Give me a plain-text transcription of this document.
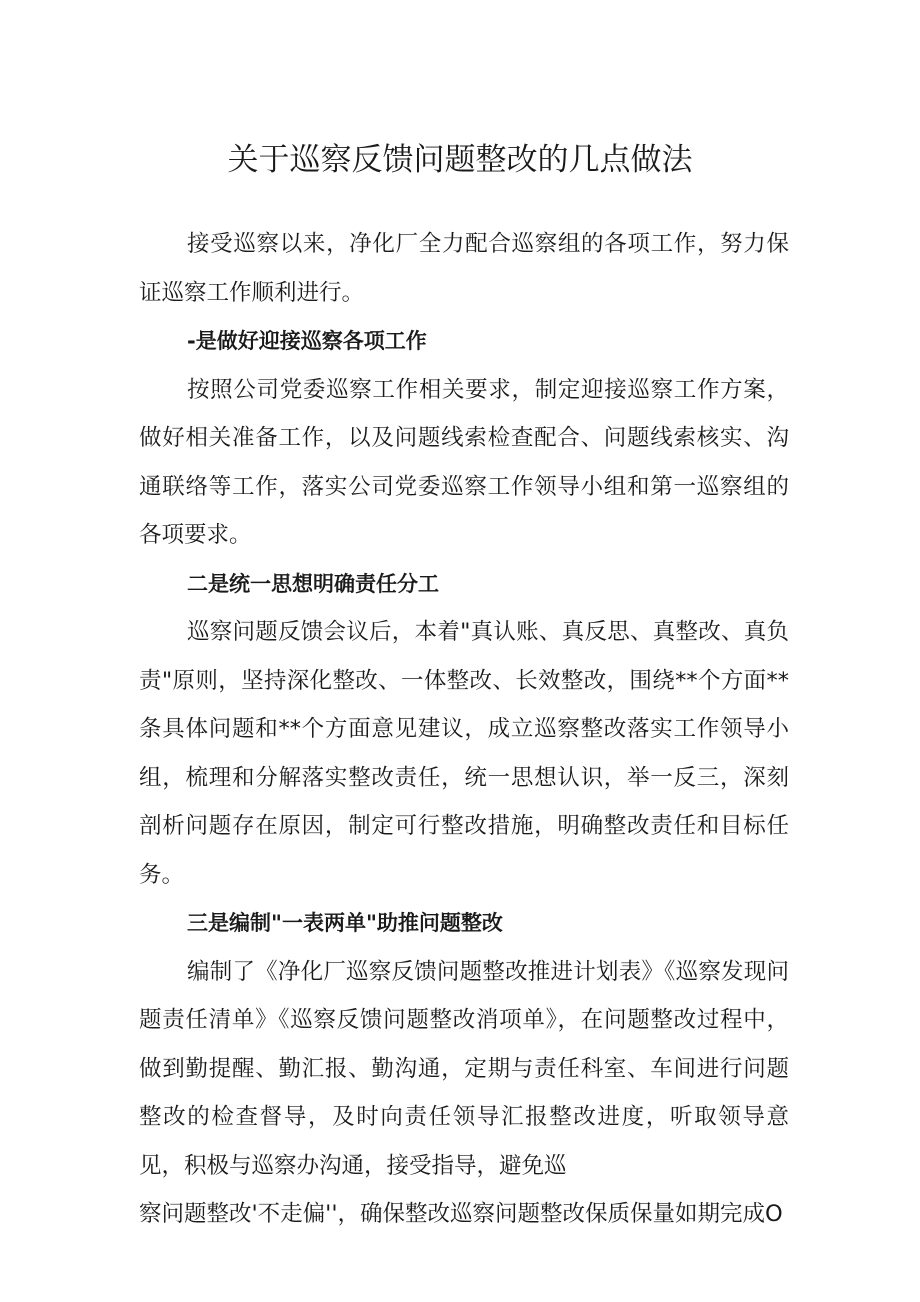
关于巡察反馈问题整改的几点做法

接受巡察以来，净化厂全力配合巡察组的各项工作，努力保证巡察工作顺利进行。

-是做好迎接巡察各项工作

按照公司党委巡察工作相关要求，制定迎接巡察工作方案，做好相关准备工作，以及问题线索检查配合、问题线索核实、沟通联络等工作，落实公司党委巡察工作领导小组和第一巡察组的各项要求。

二是统一思想明确责任分工

巡察问题反馈会议后，本着"真认账、真反思、真整改、真负责"原则，坚持深化整改、一体整改、长效整改，围绕**个方面**条具体问题和**个方面意见建议，成立巡察整改落实工作领导小组，梳理和分解落实整改责任，统一思想认识，举一反三，深刻剖析问题存在原因，制定可行整改措施，明确整改责任和目标任务。

三是编制"一表两单"助推问题整改

编制了《净化厂巡察反馈问题整改推进计划表》《巡察发现问题责任清单》《巡察反馈问题整改消项单》，在问题整改过程中，做到勤提醒、勤汇报、勤沟通，定期与责任科室、车间进行问题整改的检查督导，及时向责任领导汇报整改进度，听取领导意见，积极与巡察办沟通，接受指导，避免巡

察问题整改'不走偏''，确保整改巡察问题整改保质保量如期完成O
